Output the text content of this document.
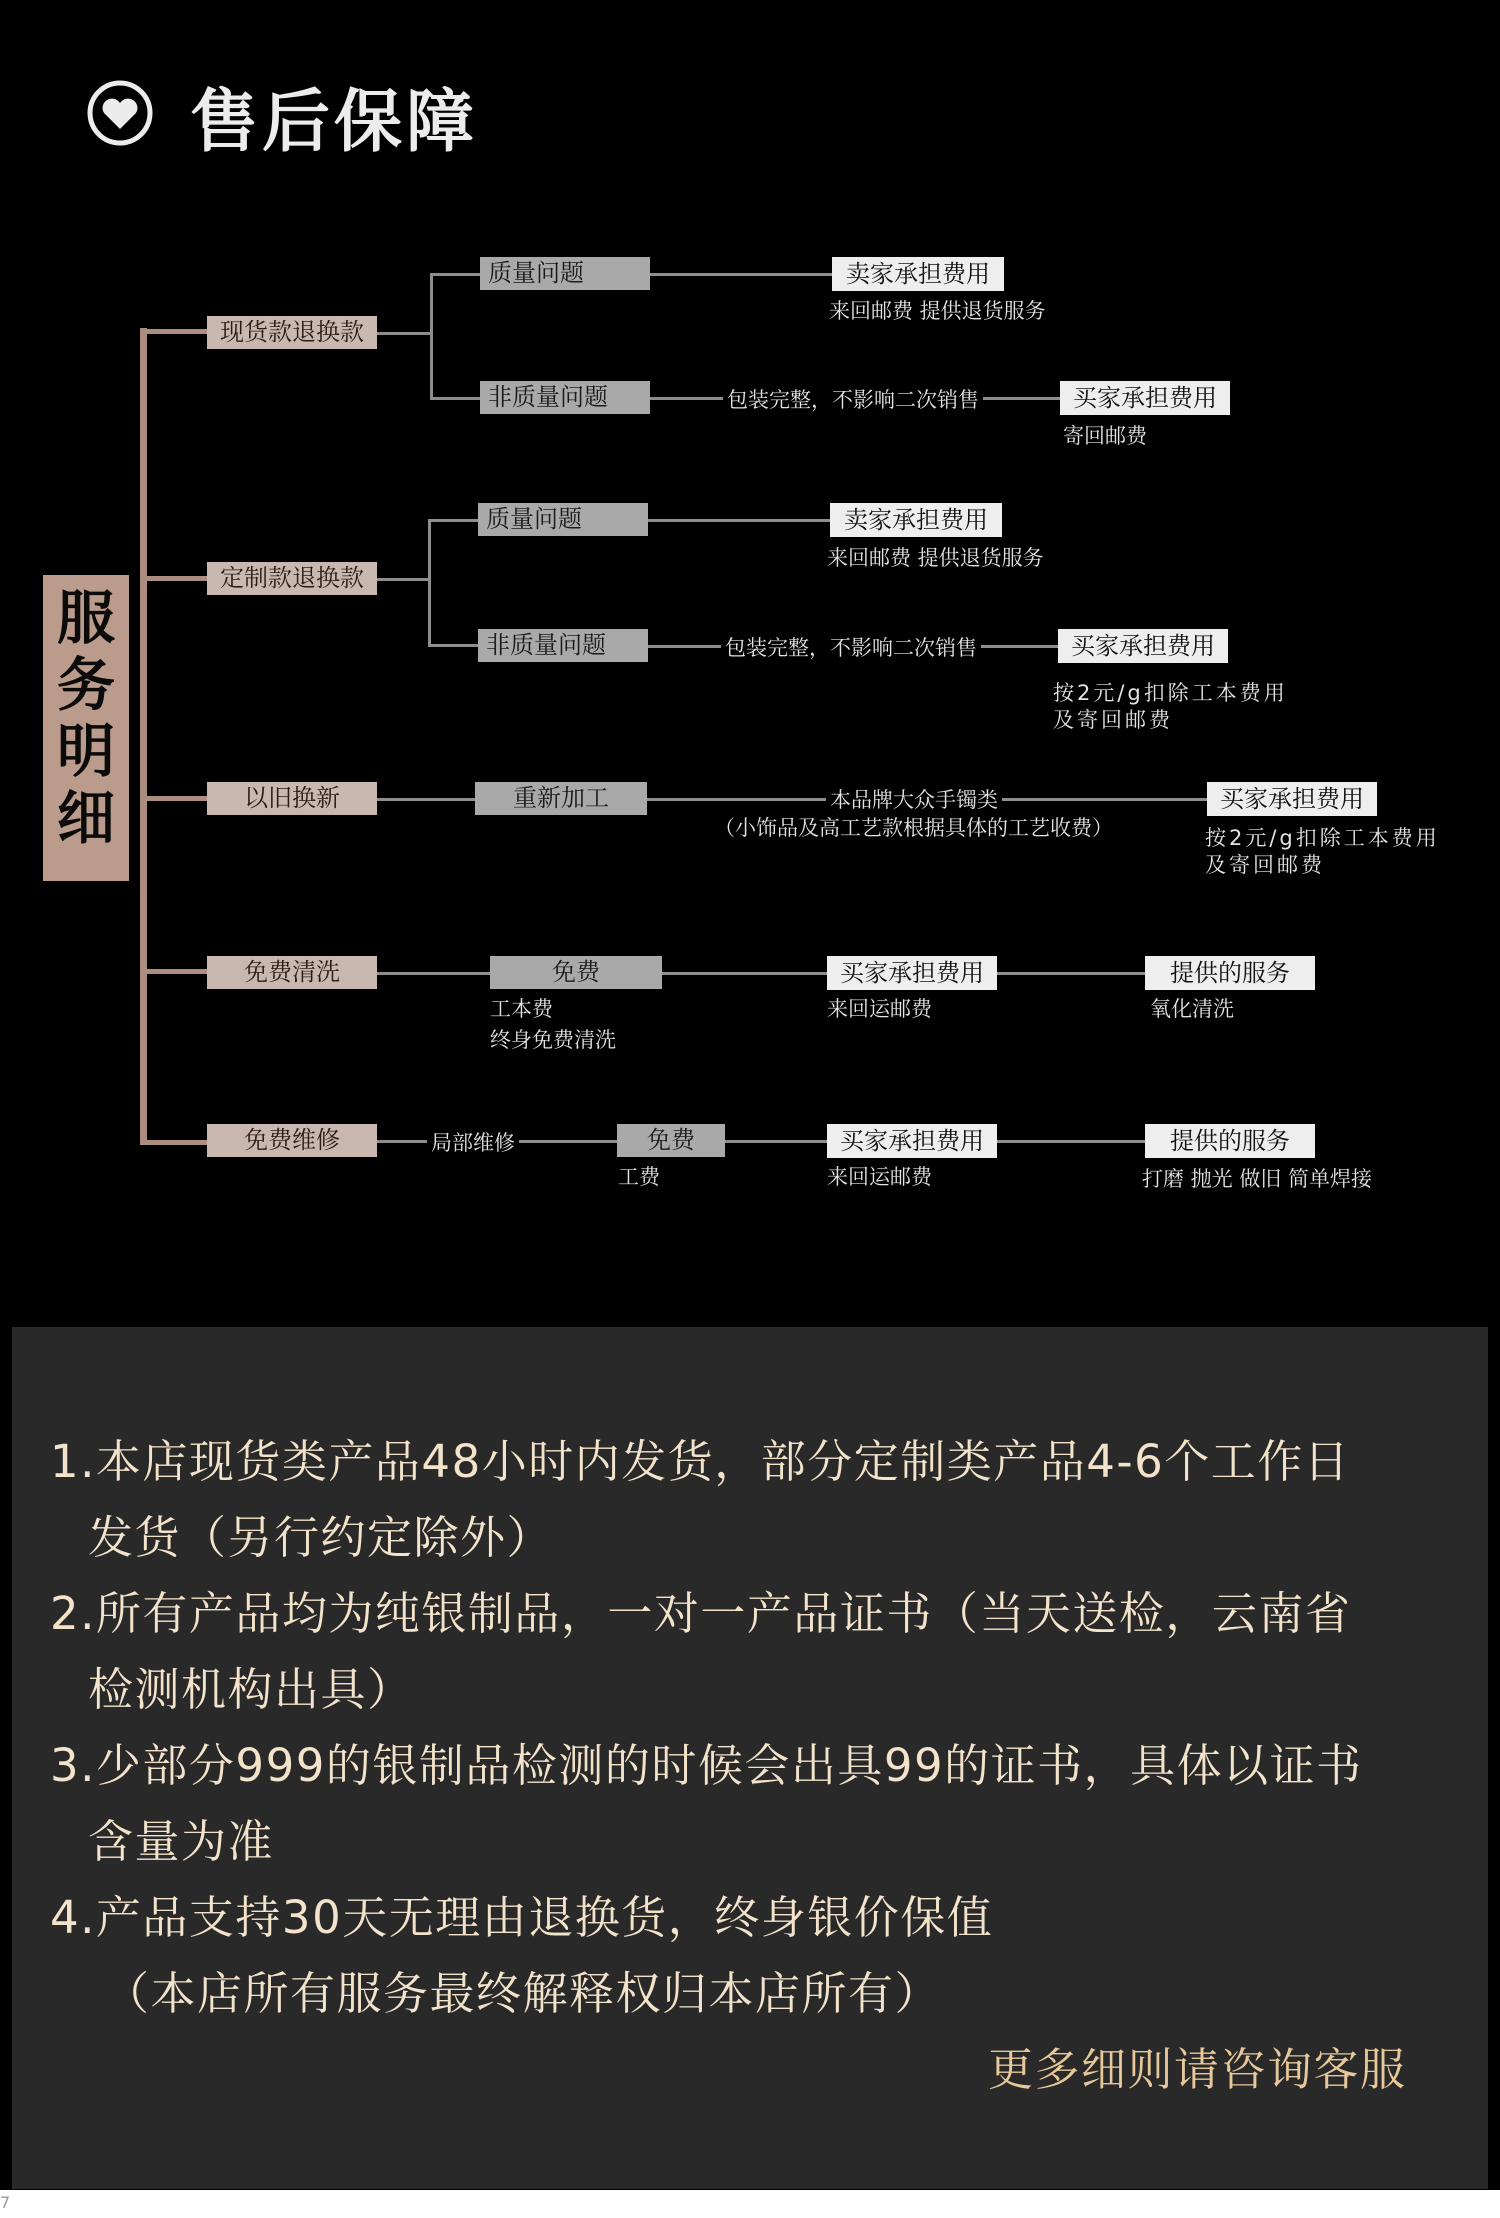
售后保障
服
务
明
细
现货款退换款
质量问题	卖家承担费用
来回邮费 提供退货服务
非质量问题	包装完整，不影响二次销售	买家承担费用
寄回邮费
定制款退换款
质量问题	卖家承担费用
来回邮费 提供退货服务
非质量问题	包装完整，不影响二次销售	买家承担费用
按2元/g扣除工本费用
及寄回邮费
以旧换新	重新加工	本品牌大众手镯类
（小饰品及高工艺款根据具体的工艺收费）
买家承担费用
按2元/g扣除工本费用
及寄回邮费
免费清洗	免费
工本费
终身免费清洗
买家承担费用
来回运邮费
提供的服务
氧化清洗
免费维修	局部维修	免费
工费
买家承担费用
来回运邮费
提供的服务
打磨 抛光 做旧 简单焊接
1.本店现货类产品48小时内发货，部分定制类产品4-6个工作日
发货（另行约定除外）
2.所有产品均为纯银制品，一对一产品证书（当天送检，云南省
检测机构出具）
3.少部分999的银制品检测的时候会出具99的证书，具体以证书
含量为准
4.产品支持30天无理由退换货，终身银价保值
（本店所有服务最终解释权归本店所有）
更多细则请咨询客服
7
